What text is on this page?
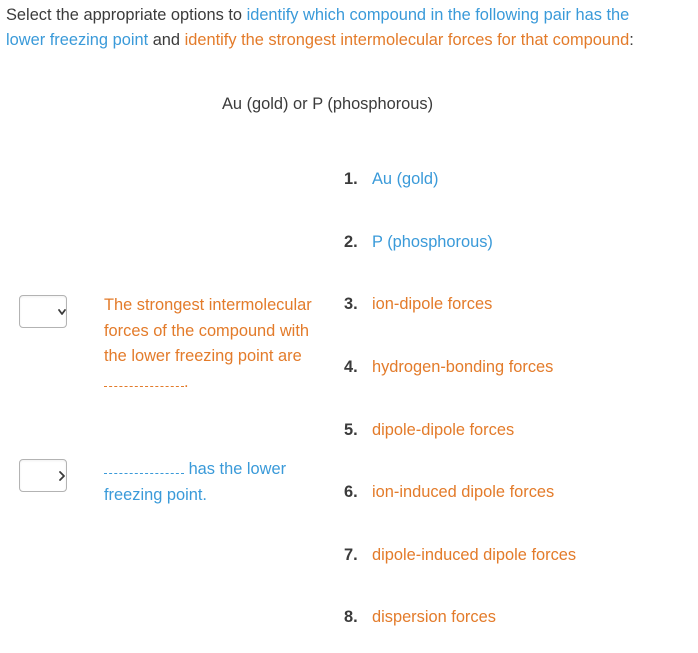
Select the appropriate options to identify which compound in the following pair has the lower freezing point and identify the strongest intermolecular forces for that compound:
Au (gold) or P (phosphorous)
The strongest intermolecular forces of the compound with the lower freezing point are
.
has the lower freezing point.
1. Au (gold)
2. P (phosphorous)
3. ion-dipole forces
4. hydrogen-bonding forces
5. dipole-dipole forces
6. ion-induced dipole forces
7. dipole-induced dipole forces
8. dispersion forces
